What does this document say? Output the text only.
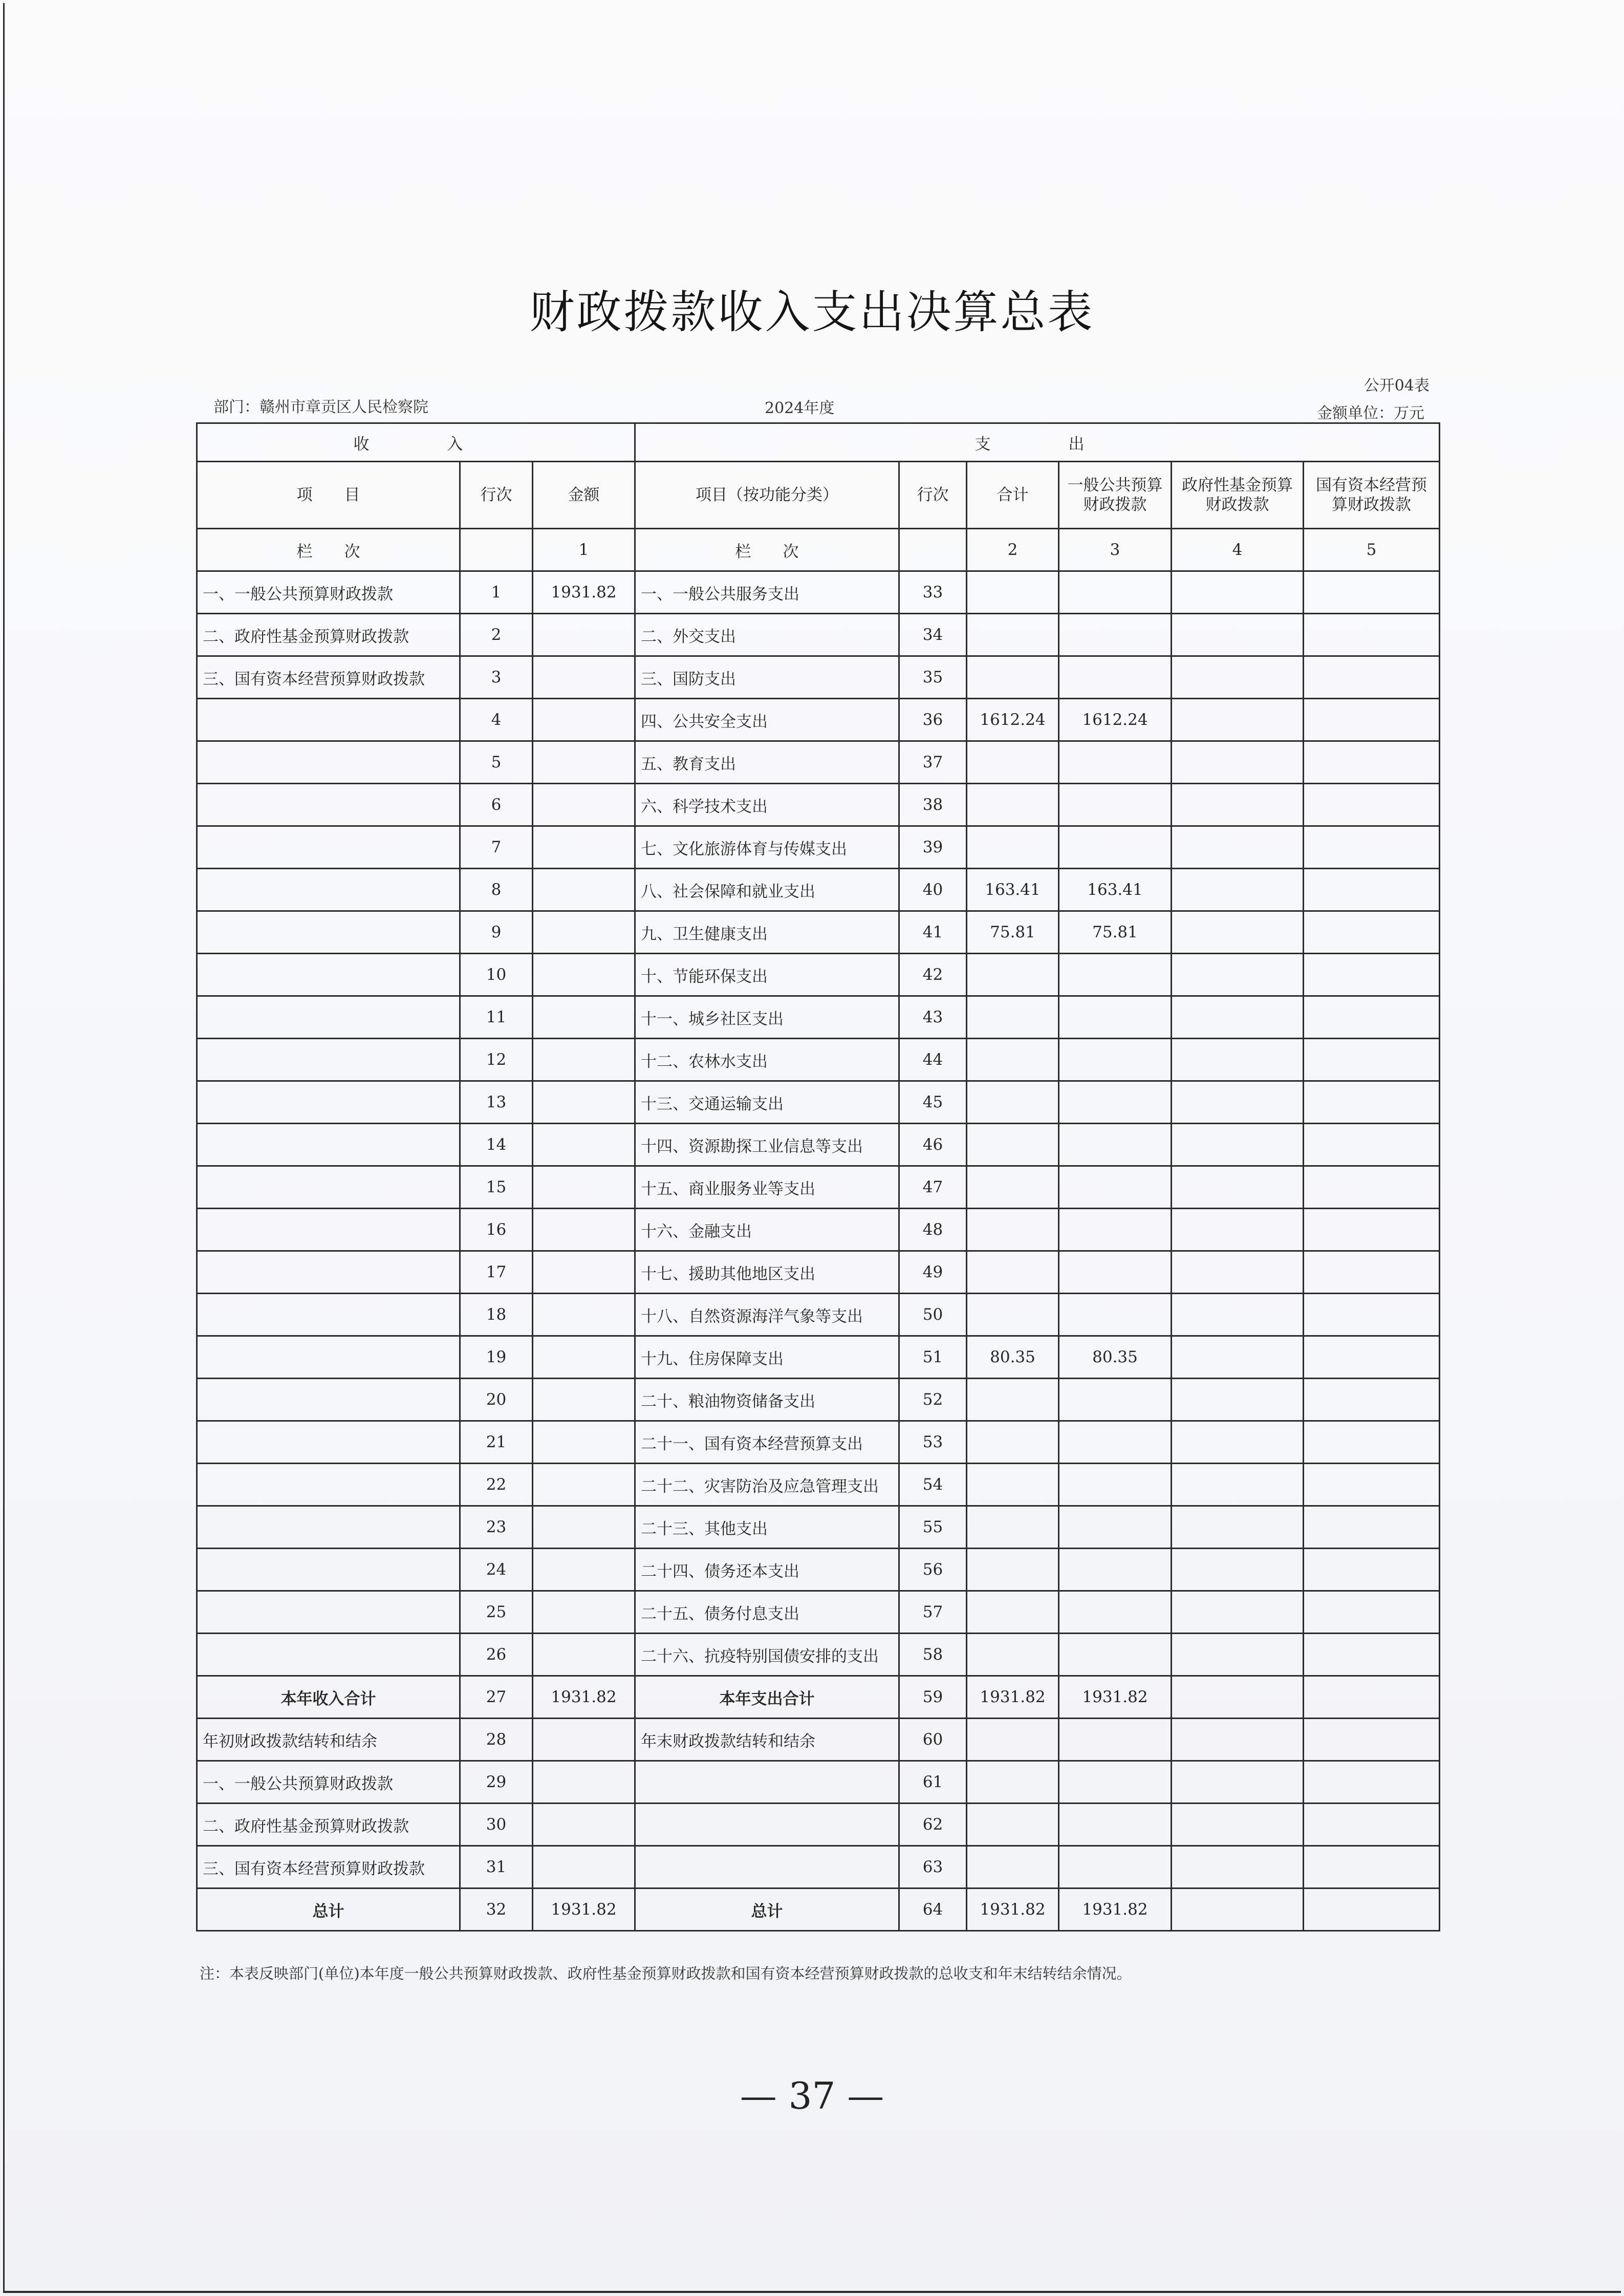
财政拨款收入支出决算总表
公开04表
部门：赣州市章贡区人民检察院	2024年度	金额单位：万元
收　　入			支　　出					
项　　目	行次	金额	项目（按功能分类）	行次	合计	一般公共预算财政拨款	政府性基金预算财政拨款	国有资本经营预算财政拨款
栏　　次		1	栏　　次		2	3	4	5
一、一般公共预算财政拨款	1	1931.82	一、一般公共服务支出	33				
二、政府性基金预算财政拨款	2		二、外交支出	34				
三、国有资本经营预算财政拨款	3		三、国防支出	35				
	4		四、公共安全支出	36	1612.24	1612.24		
	5		五、教育支出	37				
	6		六、科学技术支出	38				
	7		七、文化旅游体育与传媒支出	39				
	8		八、社会保障和就业支出	40	163.41	163.41		
	9		九、卫生健康支出	41	75.81	75.81		
	10		十、节能环保支出	42				
	11		十一、城乡社区支出	43				
	12		十二、农林水支出	44				
	13		十三、交通运输支出	45				
	14		十四、资源勘探工业信息等支出	46				
	15		十五、商业服务业等支出	47				
	16		十六、金融支出	48				
	17		十七、援助其他地区支出	49				
	18		十八、自然资源海洋气象等支出	50				
	19		十九、住房保障支出	51	80.35	80.35		
	20		二十、粮油物资储备支出	52				
	21		二十一、国有资本经营预算支出	53				
	22		二十二、灾害防治及应急管理支出	54				
	23		二十三、其他支出	55				
	24		二十四、债务还本支出	56				
	25		二十五、债务付息支出	57				
	26		二十六、抗疫特别国债安排的支出	58				
本年收入合计	27	1931.82	本年支出合计	59	1931.82	1931.82		
年初财政拨款结转和结余	28		年末财政拨款结转和结余	60				
一、一般公共预算财政拨款	29			61				
二、政府性基金预算财政拨款	30			62				
三、国有资本经营预算财政拨款	31			63				
总计	32	1931.82	总计	64	1931.82	1931.82		
注：本表反映部门(单位)本年度一般公共预算财政拨款、政府性基金预算财政拨款和国有资本经营预算财政拨款的总收支和年末结转结余情况。
— 37 —
